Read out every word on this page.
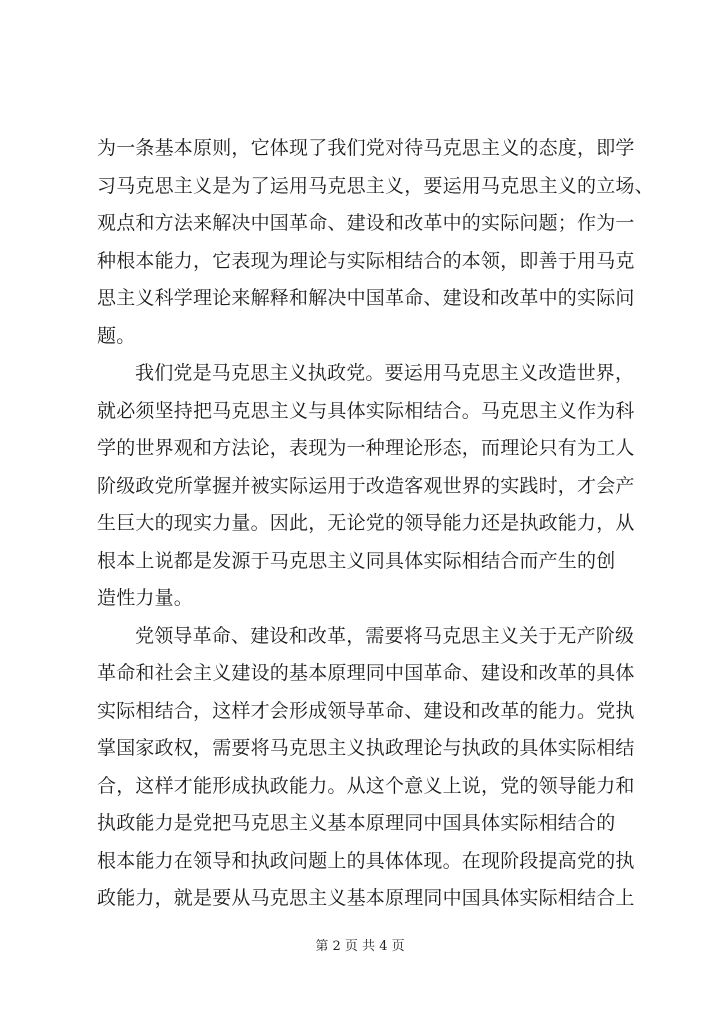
为一条基本原则，它体现了我们党对待马克思主义的态度，即学
习马克思主义是为了运用马克思主义，要运用马克思主义的立场、
观点和方法来解决中国革命、建设和改革中的实际问题；作为一
种根本能力，它表现为理论与实际相结合的本领，即善于用马克
思主义科学理论来解释和解决中国革命、建设和改革中的实际问
题。
我们党是马克思主义执政党。要运用马克思主义改造世界，
就必须坚持把马克思主义与具体实际相结合。马克思主义作为科
学的世界观和方法论，表现为一种理论形态，而理论只有为工人
阶级政党所掌握并被实际运用于改造客观世界的实践时，才会产
生巨大的现实力量。因此，无论党的领导能力还是执政能力，从
根本上说都是发源于马克思主义同具体实际相结合而产生的创
造性力量。
党领导革命、建设和改革，需要将马克思主义关于无产阶级
革命和社会主义建设的基本原理同中国革命、建设和改革的具体
实际相结合，这样才会形成领导革命、建设和改革的能力。党执
掌国家政权，需要将马克思主义执政理论与执政的具体实际相结
合，这样才能形成执政能力。从这个意义上说，党的领导能力和
执政能力是党把马克思主义基本原理同中国具体实际相结合的
根本能力在领导和执政问题上的具体体现。在现阶段提高党的执
政能力，就是要从马克思主义基本原理同中国具体实际相结合上
第 2 页 共 4 页
